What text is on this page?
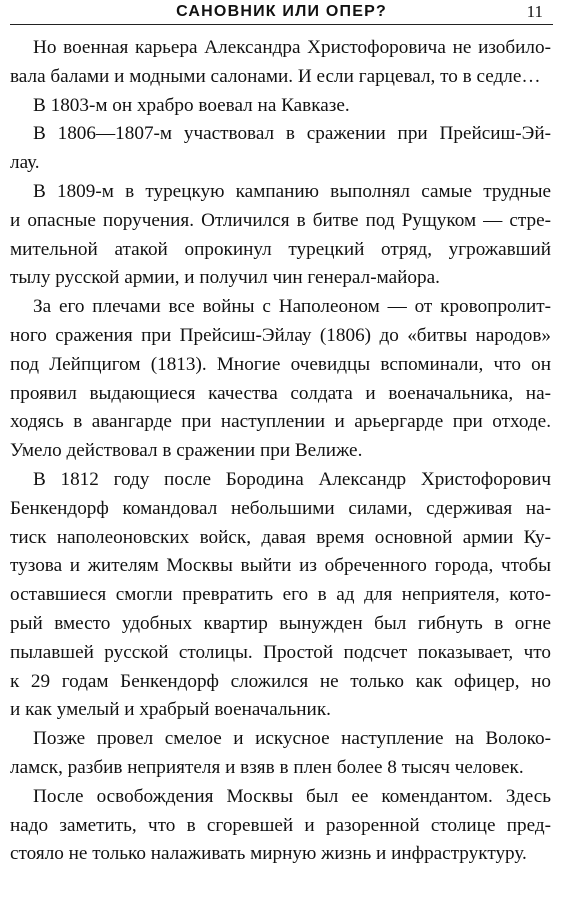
САНОВНИК ИЛИ ОПЕР?	11
Но военная карьера Александра Христофоровича не изобило-
вала балами и модными салонами. И если гарцевал, то в седле…
В 1803-м он храбро воевал на Кавказе.
В 1806—1807-м участвовал в сражении при Прейсиш-Эй-
лау.
В 1809-м в турецкую кампанию выполнял самые трудные
и опасные поручения. Отличился в битве под Рущуком — стре-
мительной атакой опрокинул турецкий отряд, угрожавший
тылу русской армии, и получил чин генерал-майора.
За его плечами все войны с Наполеоном — от кровопролит-
ного сражения при Прейсиш-Эйлау (1806) до «битвы народов»
под Лейпцигом (1813). Многие очевидцы вспоминали, что он
проявил выдающиеся качества солдата и военачальника, на-
ходясь в авангарде при наступлении и арьергарде при отходе.
Умело действовал в сражении при Велиже.
В 1812 году после Бородина Александр Христофорович
Бенкендорф командовал небольшими силами, сдерживая на-
тиск наполеоновских войск, давая время основной армии Ку-
тузова и жителям Москвы выйти из обреченного города, чтобы
оставшиеся смогли превратить его в ад для неприятеля, кото-
рый вместо удобных квартир вынужден был гибнуть в огне
пылавшей русской столицы. Простой подсчет показывает, что
к 29 годам Бенкендорф сложился не только как офицер, но
и как умелый и храбрый военачальник.
Позже провел смелое и искусное наступление на Волоко-
ламск, разбив неприятеля и взяв в плен более 8 тысяч человек.
После освобождения Москвы был ее комендантом. Здесь
надо заметить, что в сгоревшей и разоренной столице пред-
стояло не только налаживать мирную жизнь и инфраструктуру.
